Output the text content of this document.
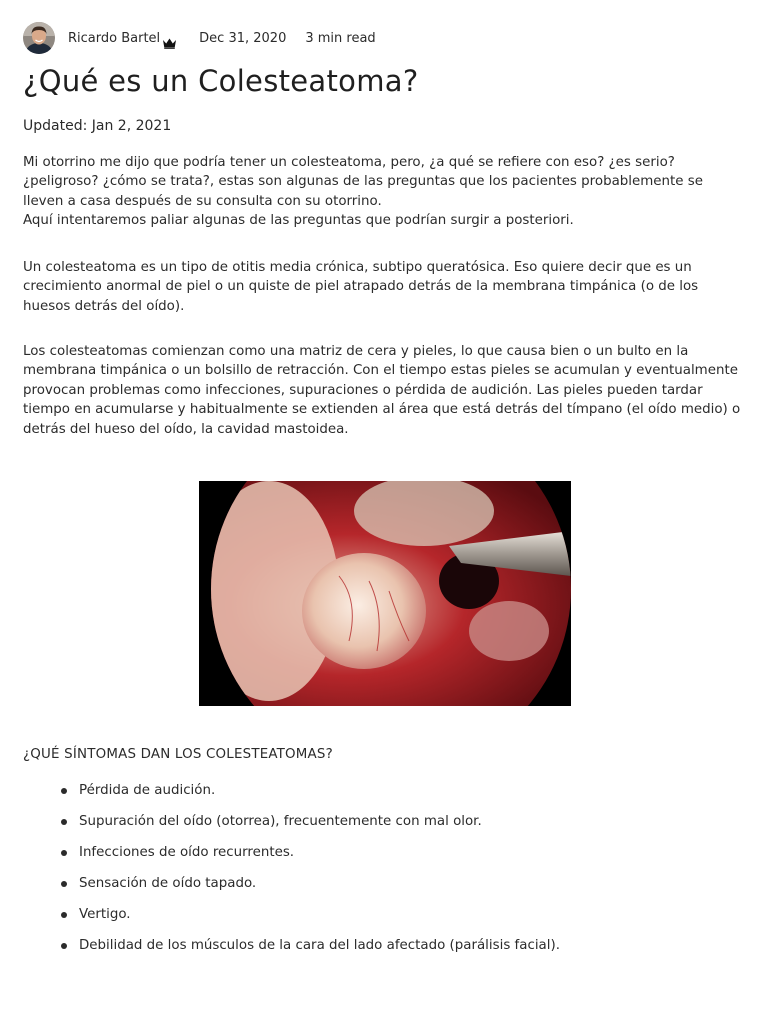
Ricardo Bartel	Dec 31, 2020 3 min read
¿Qué es un Colesteatoma?
Updated: Jan 2, 2021
Mi otorrino me dijo que podría tener un colesteatoma, pero, ¿a qué se refiere con eso? ¿es serio? ¿peligroso? ¿cómo se trata?, estas son algunas de las preguntas que los pacientes probablemente se lleven a casa después de su consulta con su otorrino.
Aquí intentaremos paliar algunas de las preguntas que podrían surgir a posteriori.

Un colesteatoma es un tipo de otitis media crónica, subtipo queratósica. Eso quiere decir que es un crecimiento anormal de piel o un quiste de piel atrapado detrás de la membrana timpánica (o de los huesos detrás del oído).

Los colesteatomas comienzan como una matriz de cera y pieles, lo que causa bien o un bulto en la membrana timpánica o un bolsillo de retracción. Con el tiempo estas pieles se acumulan y eventualmente provocan problemas como infecciones, supuraciones o pérdida de audición. Las pieles pueden tardar tiempo en acumularse y habitualmente se extienden al área que está detrás del tímpano (el oído medio) o detrás del hueso del oído, la cavidad mastoidea.

¿QUÉ SÍNTOMAS DAN LOS COLESTEATOMAS?
Pérdida de audición.
Supuración del oído (otorrea), frecuentemente con mal olor.
Infecciones de oído recurrentes.
Sensación de oído tapado.
Vertigo.
Debilidad de los músculos de la cara del lado afectado (parálisis facial).
